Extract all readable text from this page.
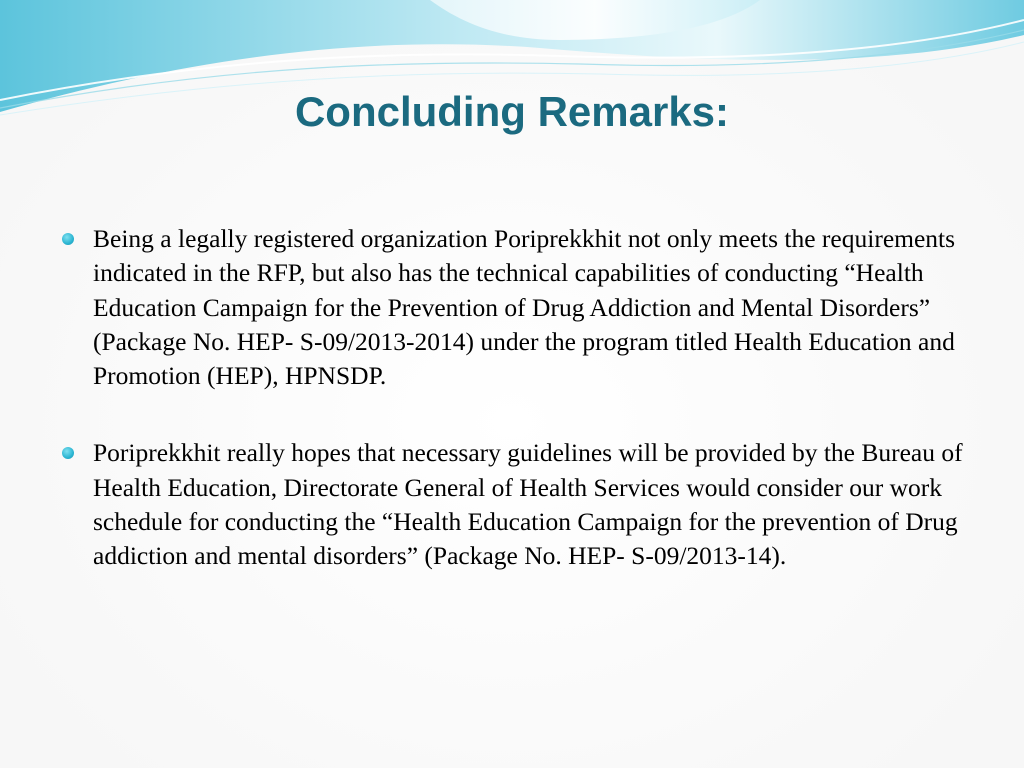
Concluding Remarks:
Being a legally registered organization Poriprekkhit not only meets the requirements indicated in the RFP, but also has the technical capabilities of conducting “Health Education Campaign for the Prevention of Drug Addiction and Mental Disorders” (Package No. HEP- S-09/2013-2014) under the program titled Health Education and Promotion (HEP), HPNSDP.
Poriprekkhit really hopes that necessary guidelines will be provided by the Bureau of Health Education, Directorate General of Health Services would consider our work schedule for conducting the “Health Education Campaign for the prevention of Drug addiction and mental disorders” (Package No. HEP- S-09/2013-14).
